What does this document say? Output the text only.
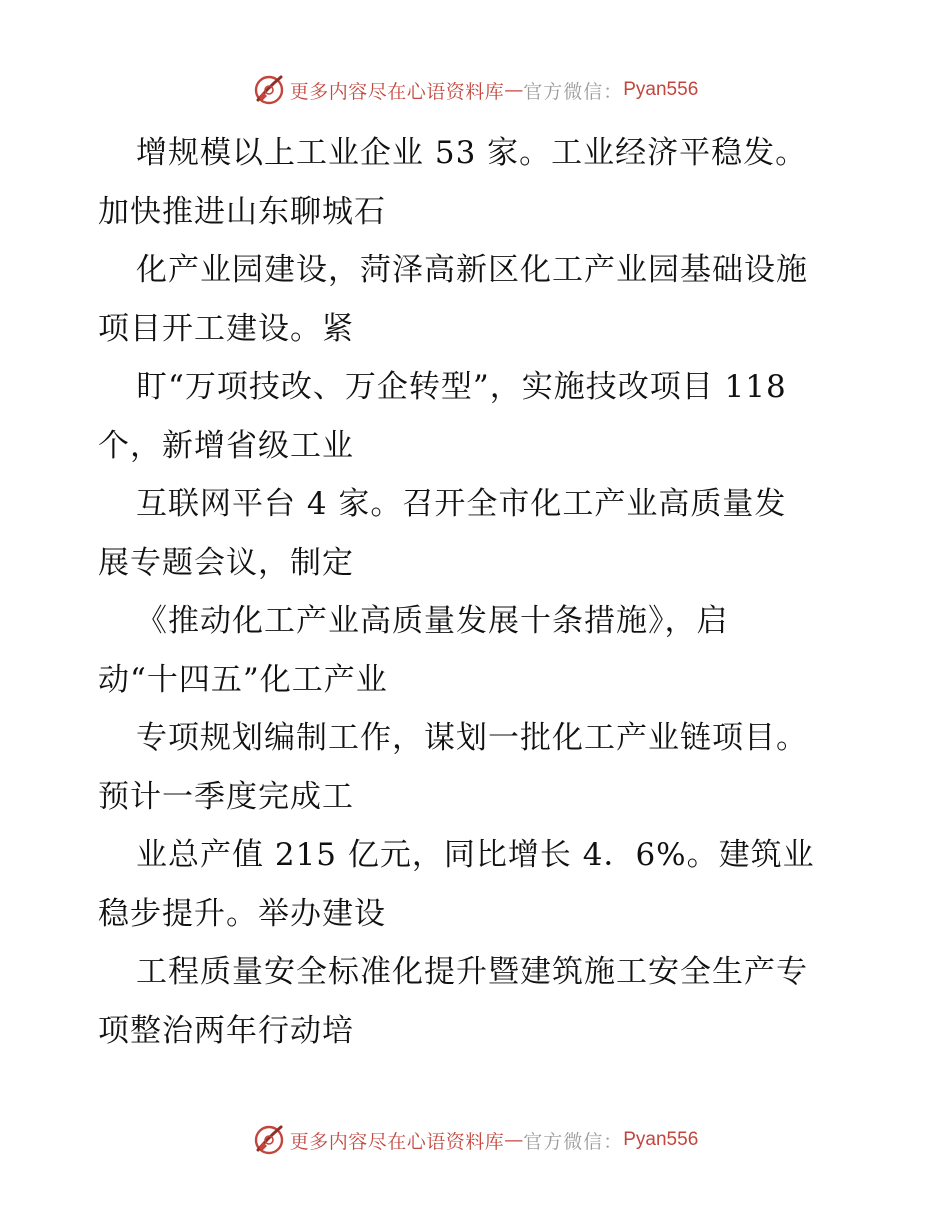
更多内容尽在心语资料库 — 官方微信： Pyan556
增规模以上工业企业 53 家。工业经济平稳发。
加快推进山东聊城石
化产业园建设，菏泽高新区化工产业园基础设施
项目开工建设。紧
盯“万项技改、万企转型”，实施技改项目 118
个，新增省级工业
互联网平台 4 家。召开全市化工产业高质量发
展专题会议，制定
《推动化工产业高质量发展十条措施》，启
动“十四五”化工产业
专项规划编制工作，谋划一批化工产业链项目。
预计一季度完成工
业总产值 215 亿元，同比增长 4．6%。建筑业
稳步提升。举办建设
工程质量安全标准化提升暨建筑施工安全生产专
项整治两年行动培
更多内容尽在心语资料库 — 官方微信： Pyan556
